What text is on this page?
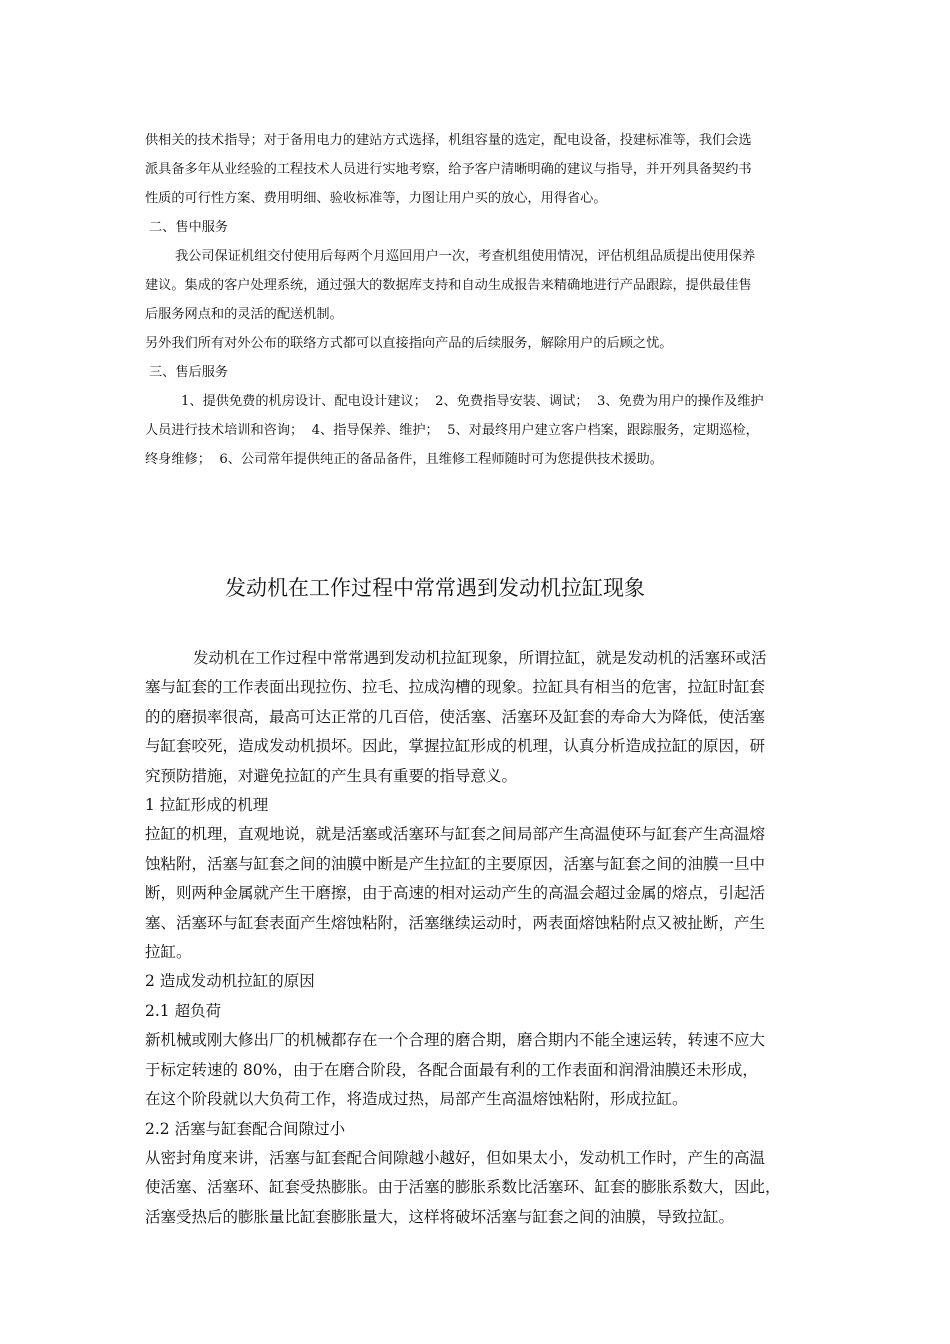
供相关的技术指导；对于备用电力的建站方式选择，机组容量的选定，配电设备，投建标准等，我们会选

派具备多年从业经验的工程技术人员进行实地考察，给予客户清晰明确的建议与指导，并开列具备契约书

性质的可行性方案、费用明细、验收标准等，力图让用户买的放心，用得省心。

二、售中服务

我公司保证机组交付使用后每两个月巡回用户一次，考查机组使用情况，评估机组品质提出使用保养

建议。集成的客户处理系统，通过强大的数据库支持和自动生成报告来精确地进行产品跟踪，提供最佳售

后服务网点和的灵活的配送机制。

另外我们所有对外公布的联络方式都可以直接指向产品的后续服务，解除用户的后顾之忧。

三、售后服务

1、提供免费的机房设计、配电设计建议；  2、免费指导安装、调试；  3、免费为用户的操作及维护

人员进行技术培训和咨询；  4、指导保养、维护；  5、对最终用户建立客户档案，跟踪服务，定期巡检，

终身维修；  6、公司常年提供纯正的备品备件，且维修工程师随时可为您提供技术援助。

发动机在工作过程中常常遇到发动机拉缸现象

发动机在工作过程中常常遇到发动机拉缸现象，所谓拉缸，就是发动机的活塞环或活

塞与缸套的工作表面出现拉伤、拉毛、拉成沟槽的现象。拉缸具有相当的危害，拉缸时缸套

的的磨损率很高，最高可达正常的几百倍，使活塞、活塞环及缸套的寿命大为降低，使活塞

与缸套咬死，造成发动机损坏。因此，掌握拉缸形成的机理，认真分析造成拉缸的原因，研

究预防措施，对避免拉缸的产生具有重要的指导意义。

1 拉缸形成的机理

拉缸的机理，直观地说，就是活塞或活塞环与缸套之间局部产生高温使环与缸套产生高温熔

蚀粘附，活塞与缸套之间的油膜中断是产生拉缸的主要原因，活塞与缸套之间的油膜一旦中

断，则两种金属就产生干磨擦，由于高速的相对运动产生的高温会超过金属的熔点，引起活

塞、活塞环与缸套表面产生熔蚀粘附，活塞继续运动时，两表面熔蚀粘附点又被扯断，产生

拉缸。

2 造成发动机拉缸的原因

2.1 超负荷

新机械或刚大修出厂的机械都存在一个合理的磨合期，磨合期内不能全速运转，转速不应大

于标定转速的 80%，由于在磨合阶段，各配合面最有利的工作表面和润滑油膜还未形成，

在这个阶段就以大负荷工作，将造成过热，局部产生高温熔蚀粘附，形成拉缸。

2.2 活塞与缸套配合间隙过小

从密封角度来讲，活塞与缸套配合间隙越小越好，但如果太小，发动机工作时，产生的高温

使活塞、活塞环、缸套受热膨胀。由于活塞的膨胀系数比活塞环、缸套的膨胀系数大，因此，

活塞受热后的膨胀量比缸套膨胀量大，这样将破坏活塞与缸套之间的油膜，导致拉缸。
